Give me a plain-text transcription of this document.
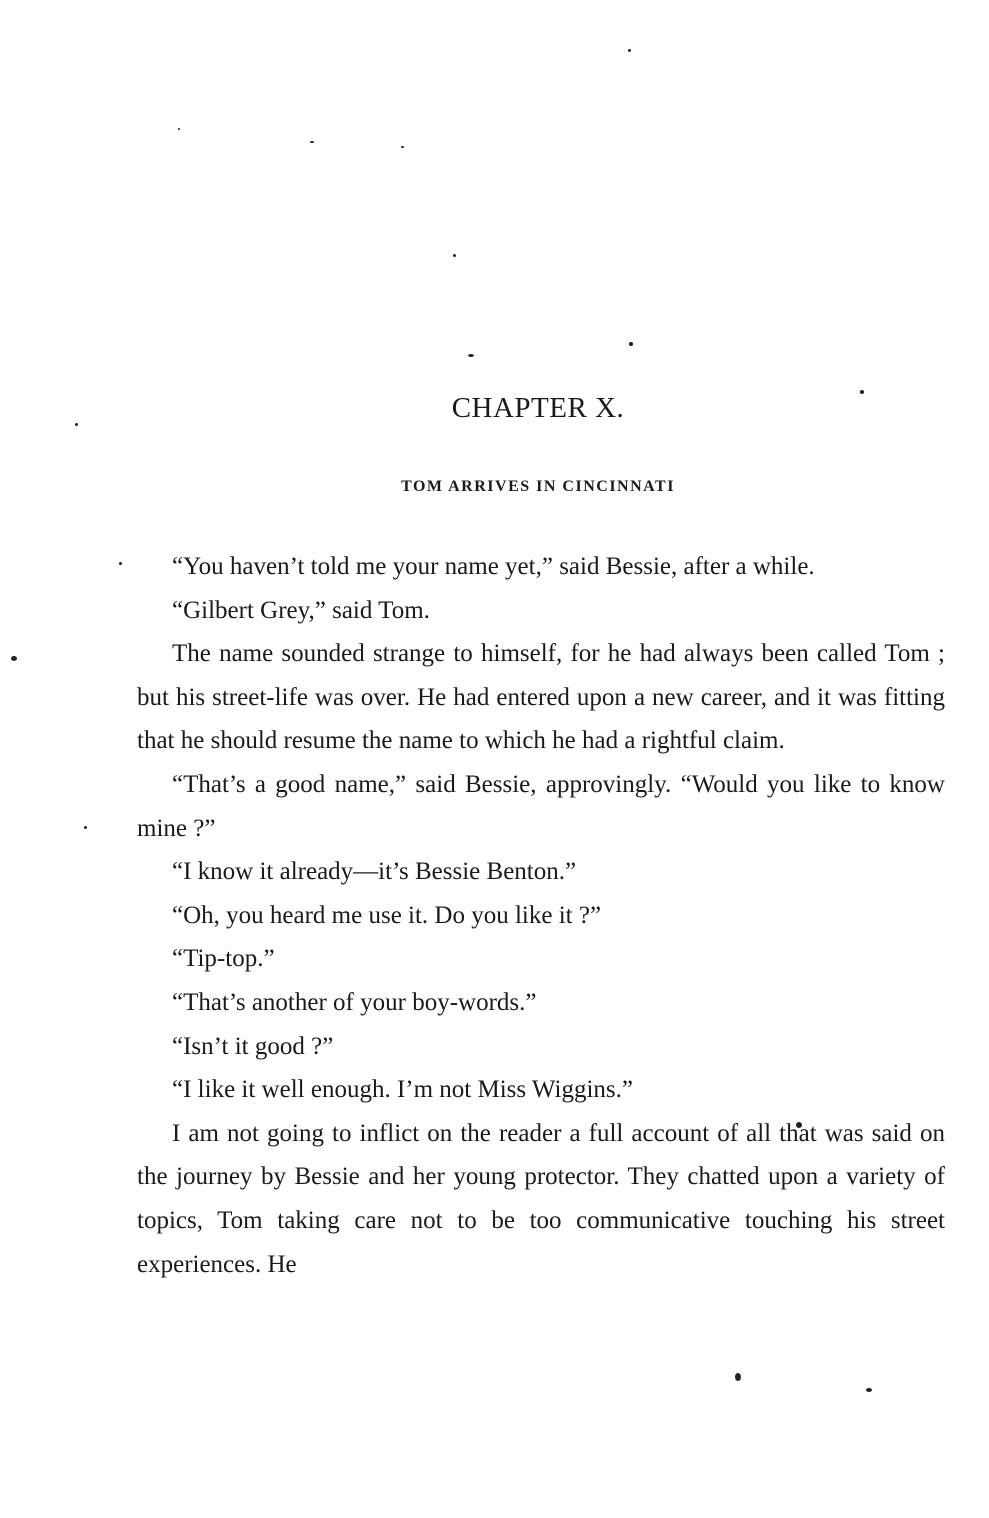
CHAPTER X.
TOM ARRIVES IN CINCINNATI

“You haven’t told me your name yet,” said Bessie, after a while.

“Gilbert Grey,” said Tom.

The name sounded strange to himself, for he had always been called Tom ; but his street-life was over. He had entered upon a new career, and it was fitting that he should resume the name to which he had a rightful claim.

“That’s a good name,” said Bessie, approvingly. “Would you like to know mine ?”

“I know it already—it’s Bessie Benton.”

“Oh, you heard me use it. Do you like it ?”

“Tip-top.”

“That’s another of your boy-words.”

“Isn’t it good ?”

“I like it well enough. I’m not Miss Wiggins.”

I am not going to inflict on the reader a full account of all that was said on the journey by Bessie and her young protector. They chatted upon a variety of topics, Tom taking care not to be too communicative touching his street experiences. He
